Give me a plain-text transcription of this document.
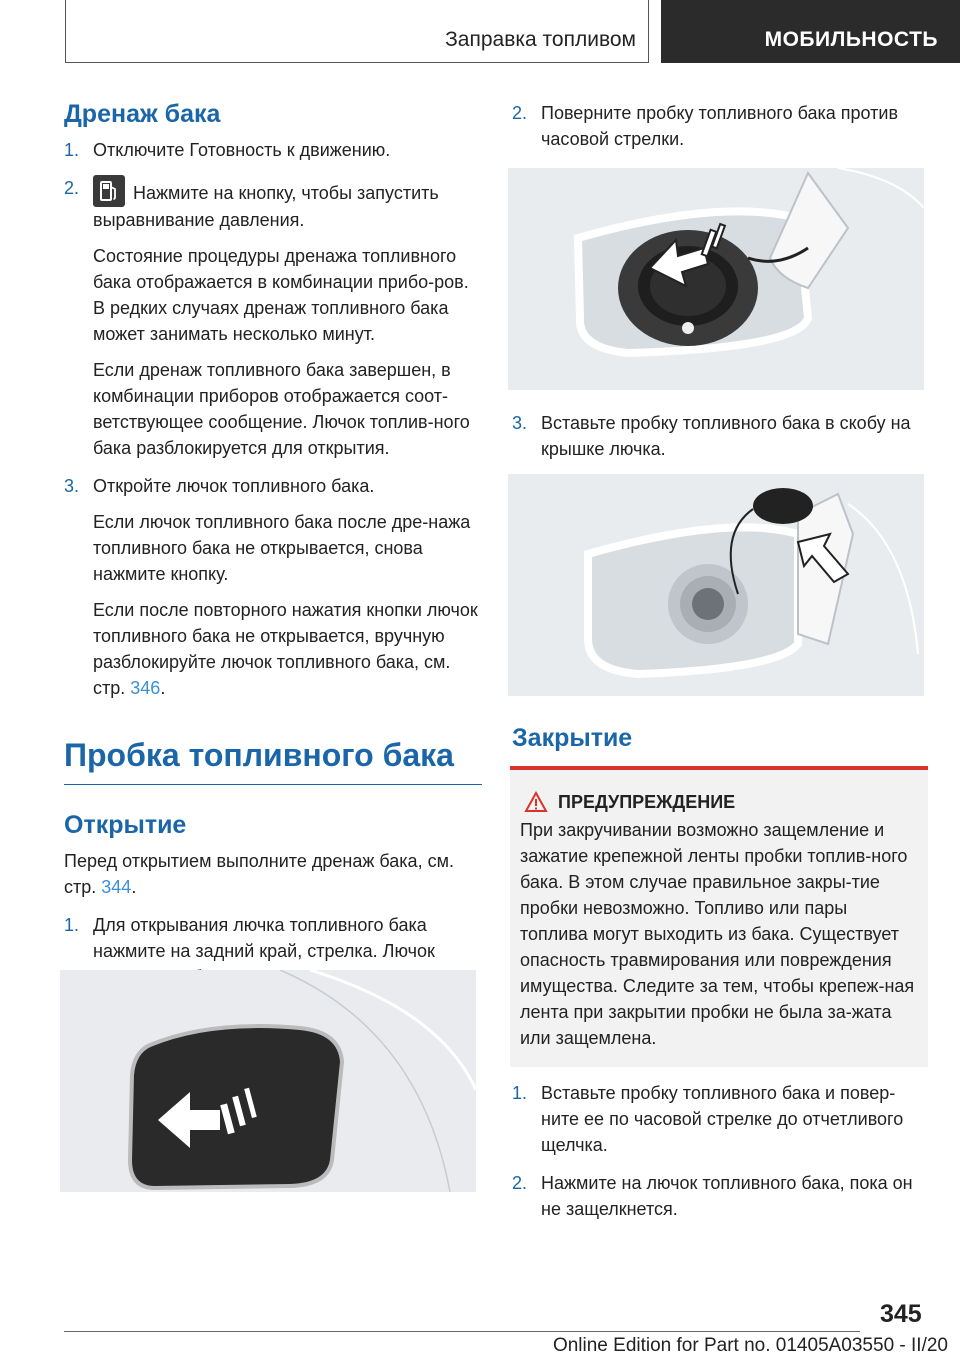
Заправка топливом	МОБИЛЬНОСТЬ
Дренаж бака
1. Отключите Готовность к движению.
2.	Нажмите на кнопку, чтобы запустить выравнивание давления.

Состояние процедуры дренажа топливного бака отображается в комбинации прибо‐ров. В редких случаях дренаж топливного бака может занимать несколько минут.

Если дренаж топливного бака завершен, в комбинации приборов отображается соот‐ветствующее сообщение. Лючок топлив‐ного бака разблокируется для открытия.

3. Откройте лючок топливного бака.

Если лючок топливного бака после дре‐нажа топливного бака не открывается, снова нажмите кнопку.

Если после повторного нажатия кнопки лючок топливного бака не открывается, вручную разблокируйте лючок топливного бака, см. стр. 346.

Пробка топливного бака
Открытие

Перед открытием выполните дренаж бака, см. стр. 344.

1. Для открывания лючка топливного бака нажмите на задний край, стрелка. Лючок
2. Поверните пробку топливного бака против часовой стрелки.
3. Вставьте пробку топливного бака в скобу на крышке лючка.
Закрытие
ПРЕДУПРЕЖДЕНИЕ

При закручивании возможно защемление и зажатие крепежной ленты пробки топлив‐ного бака. В этом случае правильное закры‐тие пробки невозможно. Топливо или пары топлива могут выходить из бака. Существует опасность травмирования или повреждения имущества. Следите за тем, чтобы крепеж‐ная лента при закрытии пробки не была за‐жата или защемлена.

1. Вставьте пробку топливного бака и повер‐ните ее по часовой стрелке до отчетливого щелчка.
2. Нажмите на лючок топливного бака, пока он не защелкнется.
345
Online Edition for Part no. 01405A03550 - II/20
